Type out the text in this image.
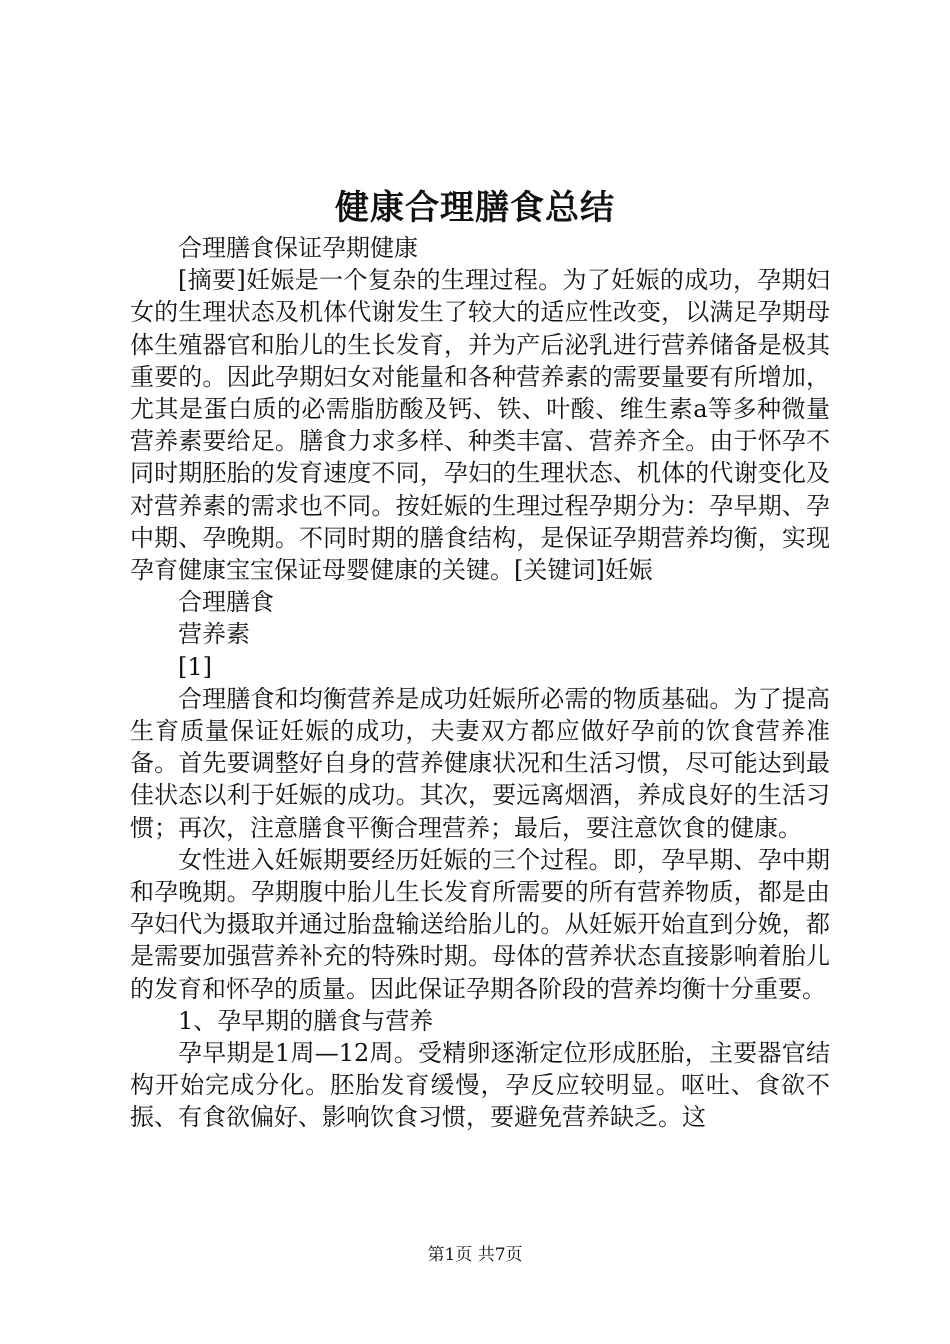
健康合理膳食总结

合理膳食保证孕期健康

[摘要]妊娠是一个复杂的生理过程。为了妊娠的成功，孕期妇女的生理状态及机体代谢发生了较大的适应性改变，以满足孕期母体生殖器官和胎儿的生长发育，并为产后泌乳进行营养储备是极其重要的。因此孕期妇女对能量和各种营养素的需要量要有所增加，尤其是蛋白质的必需脂肪酸及钙、铁、叶酸、维生素a等多种微量营养素要给足。膳食力求多样、种类丰富、营养齐全。由于怀孕不同时期胚胎的发育速度不同，孕妇的生理状态、机体的代谢变化及对营养素的需求也不同。按妊娠的生理过程孕期分为：孕早期、孕中期、孕晚期。不同时期的膳食结构，是保证孕期营养均衡，实现孕育健康宝宝保证母婴健康的关键。[关键词]妊娠

合理膳食

营养素

[1]

合理膳食和均衡营养是成功妊娠所必需的物质基础。为了提高生育质量保证妊娠的成功，夫妻双方都应做好孕前的饮食营养准备。首先要调整好自身的营养健康状况和生活习惯，尽可能达到最佳状态以利于妊娠的成功。其次，要远离烟酒，养成良好的生活习惯；再次，注意膳食平衡合理营养；最后，要注意饮食的健康。

女性进入妊娠期要经历妊娠的三个过程。即，孕早期、孕中期和孕晚期。孕期腹中胎儿生长发育所需要的所有营养物质，都是由孕妇代为摄取并通过胎盘输送给胎儿的。从妊娠开始直到分娩，都是需要加强营养补充的特殊时期。母体的营养状态直接影响着胎儿的发育和怀孕的质量。因此保证孕期各阶段的营养均衡十分重要。

1、孕早期的膳食与营养

孕早期是1周—12周。受精卵逐渐定位形成胚胎，主要器官结构开始完成分化。胚胎发育缓慢，孕反应较明显。呕吐、食欲不振、有食欲偏好、影响饮食习惯，要避免营养缺乏。这

第1页 共7页
